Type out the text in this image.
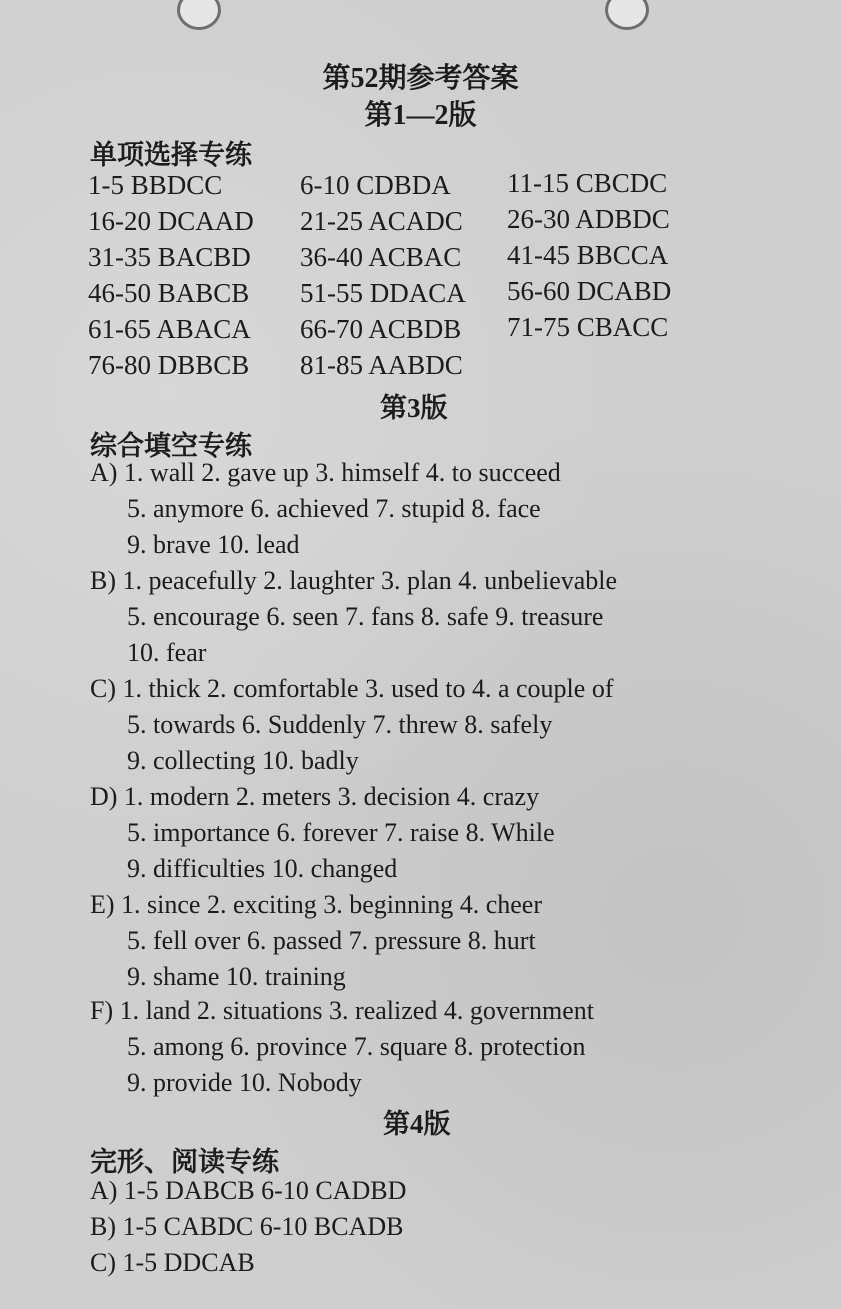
第52期参考答案
第1—2版
单项选择专练
1-5 BBDCC	6-10 CDBDA 11-15 CBCDC
16-20 DCAAD 21-25 ACADC 26-30 ADBDC
31-35 BACBD 36-40 ACBAC 41-45 BBCCA
46-50 BABCB 51-55 DDACA 56-60 DCABD
61-65 ABACA 66-70 ACBDB 71-75 CBACC
76-80 DBBCB 81-85 AABDC
第3版
综合填空专练
A) 1. wall 2. gave up 3. himself 4. to succeed
5. anymore 6. achieved 7. stupid 8. face
9. brave 10. lead
B) 1. peacefully 2. laughter 3. plan 4. unbelievable
5. encourage 6. seen 7. fans 8. safe 9. treasure
10. fear
C) 1. thick 2. comfortable 3. used to 4. a couple of
5. towards 6. Suddenly 7. threw 8. safely
9. collecting 10. badly
D) 1. modern 2. meters 3. decision 4. crazy
5. importance 6. forever 7. raise 8. While
9. difficulties 10. changed
E) 1. since 2. exciting 3. beginning 4. cheer
5. fell over 6. passed 7. pressure 8. hurt
9. shame 10. training
F) 1. land 2. situations 3. realized 4. government
5. among 6. province 7. square 8. protection
9. provide 10. Nobody
第4版
完形、阅读专练
A) 1-5 DABCB 6-10 CADBD
B) 1-5 CABDC 6-10 BCADB
C) 1-5 DDCAB
